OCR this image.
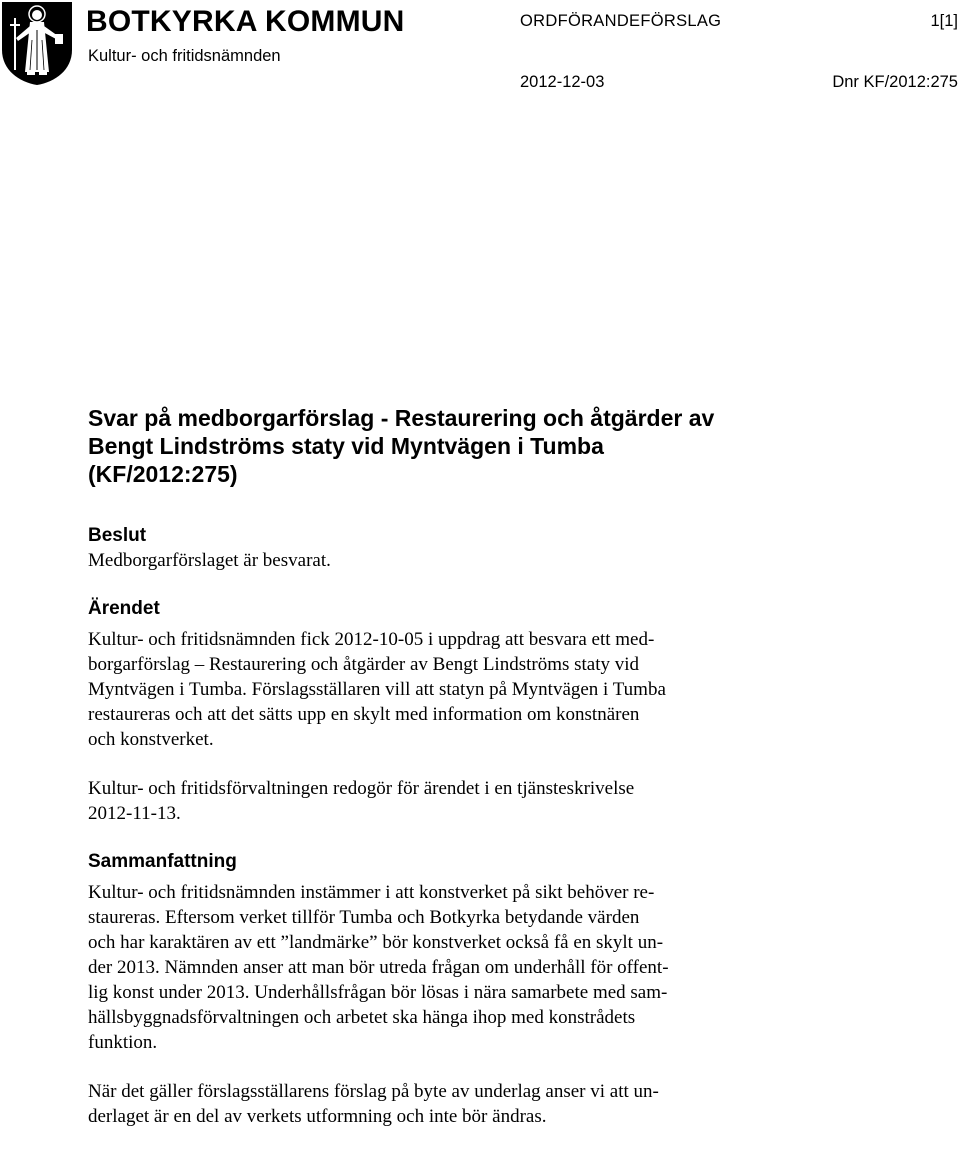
BOTKYRKA KOMMUN
Kultur- och fritidsnämnden
ORDFÖRANDEFÖRSLAG	1[1]
2012-12-03	Dnr KF/2012:275
Svar på medborgarförslag - Restaurering och åtgärder av
Bengt Lindströms staty vid Myntvägen i Tumba
(KF/2012:275)
Beslut

Medborgarförslaget är besvarat.

Ärendet

Kultur- och fritidsnämnden fick 2012-10-05 i uppdrag att besvara ett med-
borgarförslag – Restaurering och åtgärder av Bengt Lindströms staty vid
Myntvägen i Tumba. Förslagsställaren vill att statyn på Myntvägen i Tumba
restaureras och att det sätts upp en skylt med information om konstnären
och konstverket.

Kultur- och fritidsförvaltningen redogör för ärendet i en tjänsteskrivelse
2012-11-13.

Sammanfattning

Kultur- och fritidsnämnden instämmer i att konstverket på sikt behöver re-
staureras. Eftersom verket tillför Tumba och Botkyrka betydande värden
och har karaktären av ett ”landmärke” bör konstverket också få en skylt un-
der 2013. Nämnden anser att man bör utreda frågan om underhåll för offent-
lig konst under 2013. Underhållsfrågan bör lösas i nära samarbete med sam-
hällsbyggnadsförvaltningen och arbetet ska hänga ihop med konstrådets
funktion.

När det gäller förslagsställarens förslag på byte av underlag anser vi att un-
derlaget är en del av verkets utformning och inte bör ändras.
